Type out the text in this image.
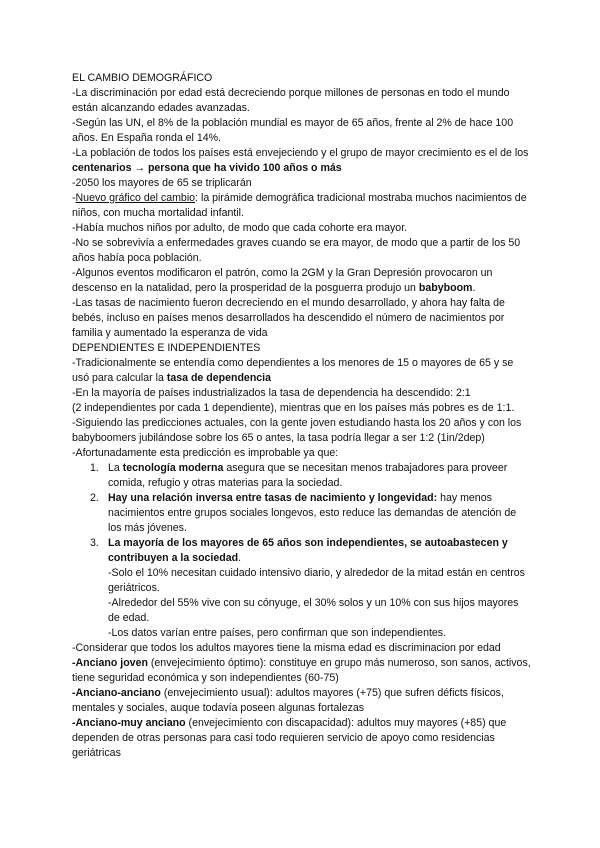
EL CAMBIO DEMOGRÁFICO

-La discriminación por edad está decreciendo porque millones de personas en todo el mundo están alcanzando edades avanzadas.

-Según las UN, el 8% de la población mundial es mayor de 65 años, frente al 2% de hace 100 años. En España ronda el 14%.

-La población de todos los países está envejeciendo y el grupo de mayor crecimiento es el de los centenarios → persona que ha vivido 100 años o más

-2050 los mayores de 65 se triplicarán

-Nuevo gráfico del cambio: la pirámide demográfica tradicional mostraba muchos nacimientos de niños, con mucha mortalidad infantil.

-Había muchos niños por adulto, de modo que cada cohorte era mayor.

-No se sobrevivía a enfermedades graves cuando se era mayor, de modo que a partir de los 50 años había poca población.

-Algunos eventos modificaron el patrón, como la 2GM y la Gran Depresión provocaron un descenso en la natalidad, pero la prosperidad de la posguerra produjo un babyboom.

-Las tasas de nacimiento fueron decreciendo en el mundo desarrollado, y ahora hay falta de bebés, incluso en países menos desarrollados ha descendido el número de nacimientos por familia y aumentado la esperanza de vida

DEPENDIENTES E INDEPENDIENTES

-Tradicionalmente se entendía como dependientes a los menores de 15 o mayores de 65 y se usó para calcular la tasa de dependencia

-En la mayoría de países industrializados la tasa de dependencia ha descendido: 2:1

(2 independientes por cada 1 dependiente), mientras que en los países más pobres es de 1:1.

-Siguiendo las predicciones actuales, con la gente joven estudiando hasta los 20 años y con los babyboomers jubilándose sobre los 65 o antes, la tasa podría llegar a ser 1:2 (1in/2dep)

-Afortunadamente esta predicción es improbable ya que:

1. La tecnología moderna asegura que se necesitan menos trabajadores para proveer comida, refugio y otras materias para la sociedad.
2. Hay una relación inversa entre tasas de nacimiento y longevidad: hay menos nacimientos entre grupos sociales longevos, esto reduce las demandas de atención de los más jóvenes.
3. La mayoría de los mayores de 65 años son independientes, se autoabastecen y contribuyen a la sociedad.

-Solo el 10% necesitan cuidado intensivo diario, y alrededor de la mitad están en centros geriátricos.

-Alrededor del 55% vive con su cónyuge, el 30% solos y un 10% con sus hijos mayores de edad.

-Los datos varían entre países, pero confirman que son independientes.

-Considerar que todos los adultos mayores tiene la misma edad es discriminacion por edad

-Anciano joven (envejecimiento óptimo): constituye en grupo más numeroso, son sanos, activos, tiene seguridad económica y son independientes (60-75)

-Anciano-anciano (envejecimiento usual): adultos mayores (+75) que sufren déficts físicos, mentales y sociales, auque todavía poseen algunas fortalezas

-Anciano-muy anciano (envejecimiento con discapacidad): adultos muy mayores (+85) que dependen de otras personas para casi todo requieren servicio de apoyo como residencias geriátricas
